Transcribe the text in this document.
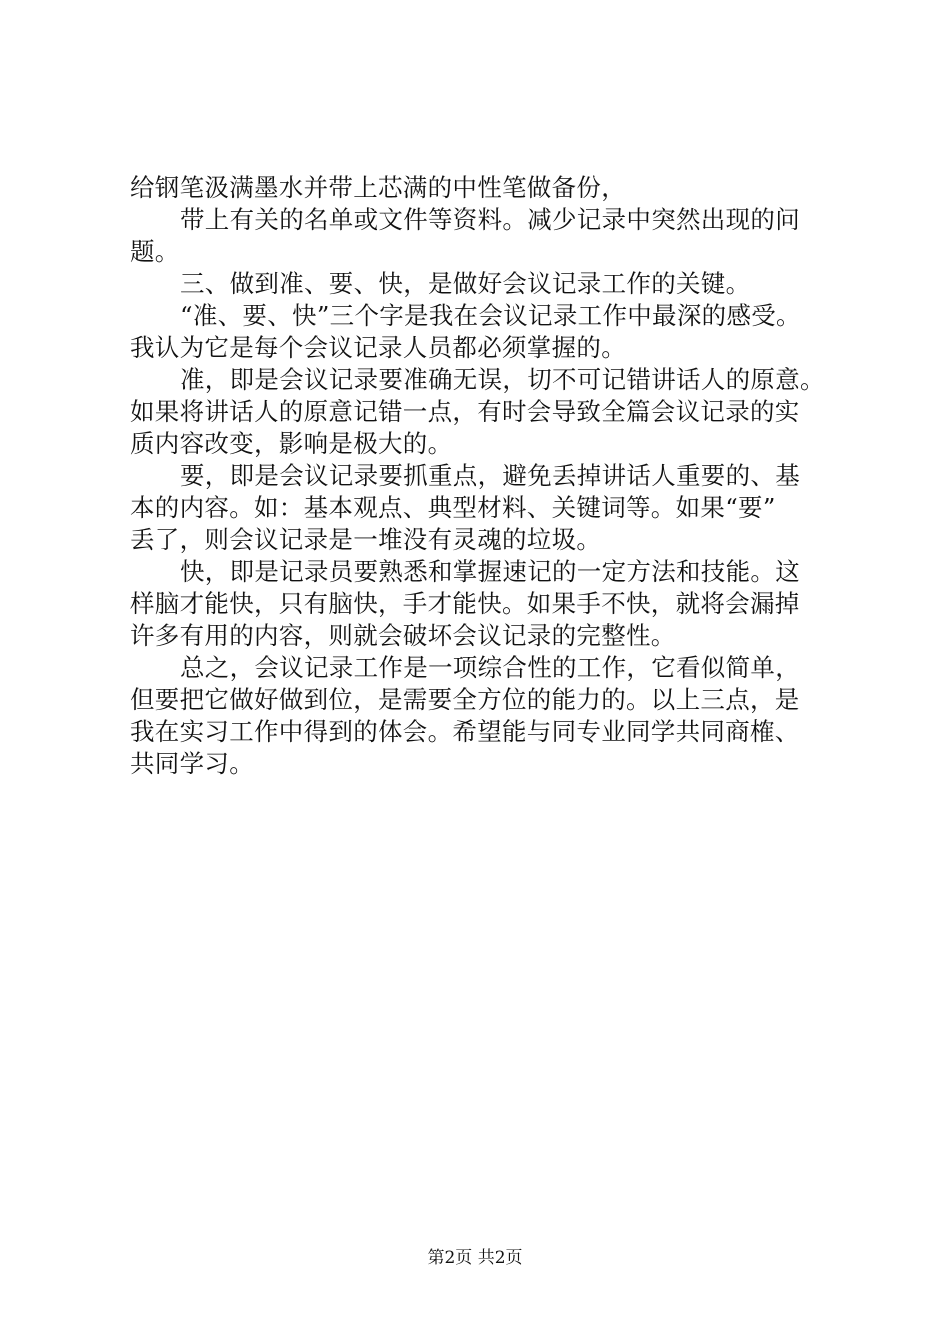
给钢笔汲满墨水并带上芯满的中性笔做备份，
带上有关的名单或文件等资料。减少记录中突然出现的问
题。
三、做到准、要、快，是做好会议记录工作的关键。
“准、要、快”三个字是我在会议记录工作中最深的感受。
我认为它是每个会议记录人员都必须掌握的。
准，即是会议记录要准确无误，切不可记错讲话人的原意。
如果将讲话人的原意记错一点，有时会导致全篇会议记录的实
质内容改变，影响是极大的。
要，即是会议记录要抓重点，避免丢掉讲话人重要的、基
本的内容。如：基本观点、典型材料、关键词等。如果“要”
丢了，则会议记录是一堆没有灵魂的垃圾。
快，即是记录员要熟悉和掌握速记的一定方法和技能。这
样脑才能快，只有脑快，手才能快。如果手不快，就将会漏掉
许多有用的内容，则就会破坏会议记录的完整性。
总之，会议记录工作是一项综合性的工作，它看似简单，
但要把它做好做到位，是需要全方位的能力的。以上三点，是
我在实习工作中得到的体会。希望能与同专业同学共同商榷、
共同学习。
第2页 共2页
